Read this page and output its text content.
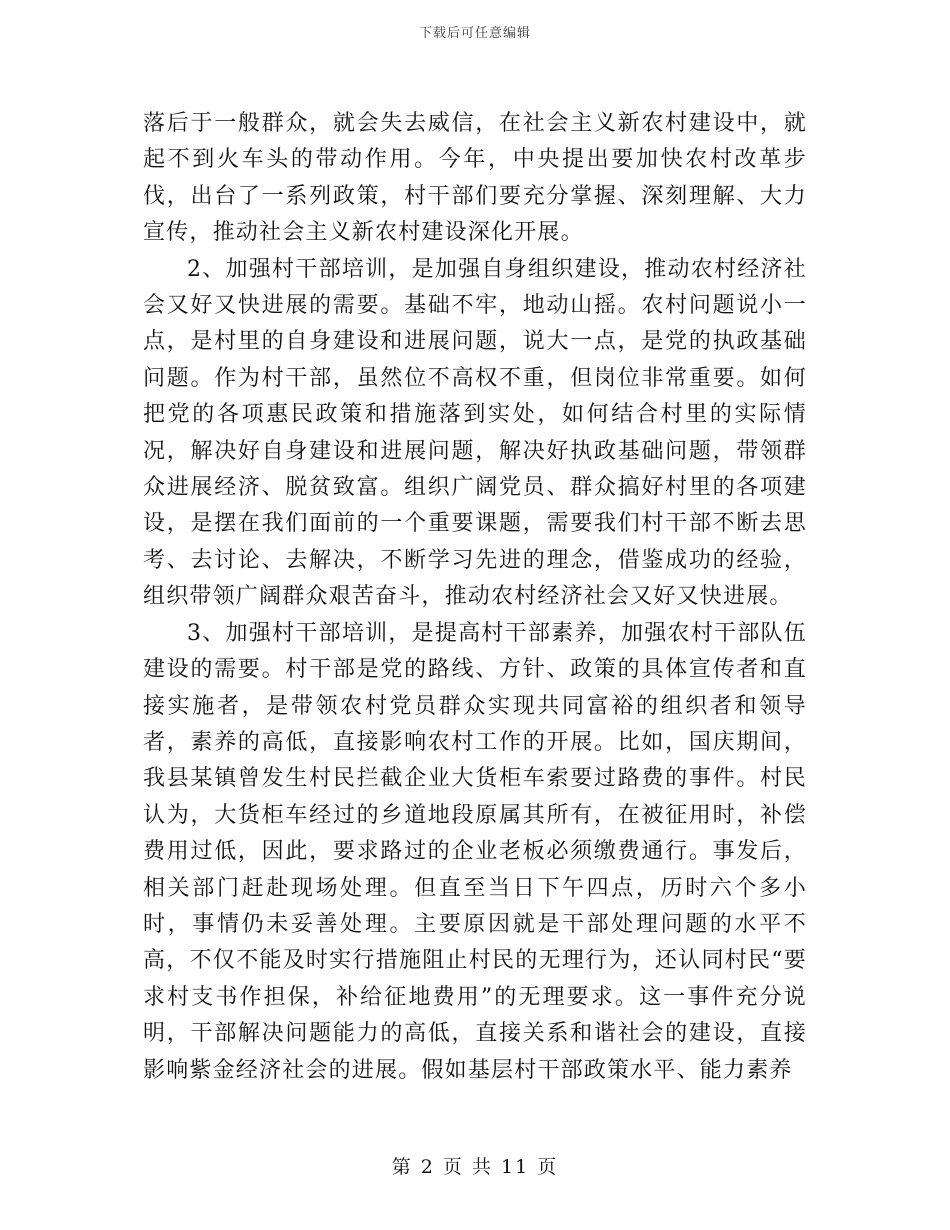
下载后可任意编辑

落后于一般群众，就会失去威信，在社会主义新农村建设中，就起不到火车头的带动作用。今年，中央提出要加快农村改革步伐，出台了一系列政策，村干部们要充分掌握、深刻理解、大力宣传，推动社会主义新农村建设深化开展。

2、加强村干部培训，是加强自身组织建设，推动农村经济社会又好又快进展的需要。基础不牢，地动山摇。农村问题说小一点，是村里的自身建设和进展问题，说大一点，是党的执政基础问题。作为村干部，虽然位不高权不重，但岗位非常重要。如何把党的各项惠民政策和措施落到实处，如何结合村里的实际情况，解决好自身建设和进展问题，解决好执政基础问题，带领群众进展经济、脱贫致富。组织广阔党员、群众搞好村里的各项建设，是摆在我们面前的一个重要课题，需要我们村干部不断去思考、去讨论、去解决，不断学习先进的理念，借鉴成功的经验，组织带领广阔群众艰苦奋斗，推动农村经济社会又好又快进展。

3、加强村干部培训，是提高村干部素养，加强农村干部队伍建设的需要。村干部是党的路线、方针、政策的具体宣传者和直接实施者，是带领农村党员群众实现共同富裕的组织者和领导者，素养的高低，直接影响农村工作的开展。比如，国庆期间，我县某镇曾发生村民拦截企业大货柜车索要过路费的事件。村民认为，大货柜车经过的乡道地段原属其所有，在被征用时，补偿费用过低，因此，要求路过的企业老板必须缴费通行。事发后，相关部门赶赴现场处理。但直至当日下午四点，历时六个多小时，事情仍未妥善处理。主要原因就是干部处理问题的水平不高，不仅不能及时实行措施阻止村民的无理行为，还认同村民“要求村支书作担保，补给征地费用”的无理要求。这一事件充分说明，干部解决问题能力的高低，直接关系和谐社会的建设，直接影响紫金经济社会的进展。假如基层村干部政策水平、能力素养

第 2 页 共 11 页
